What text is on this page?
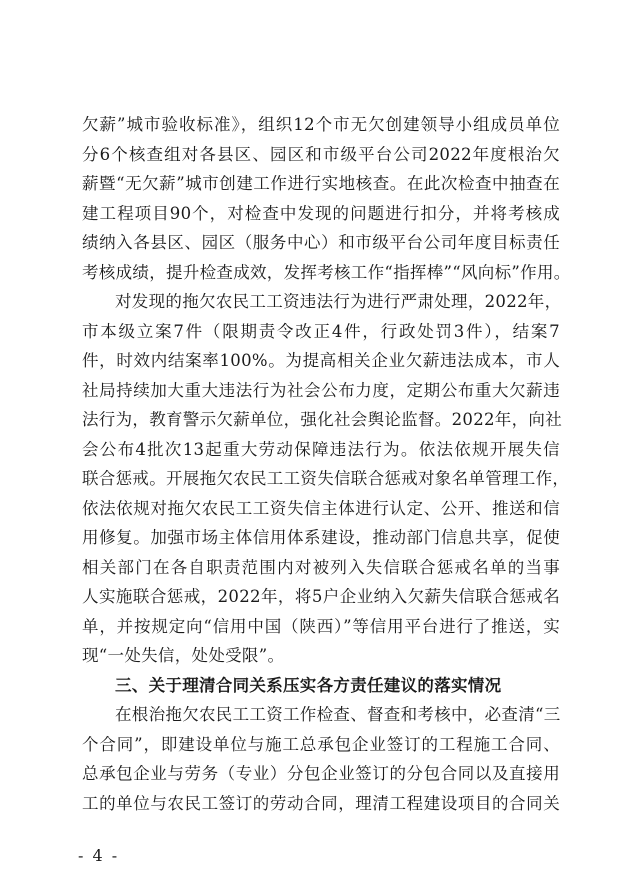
欠薪”城市验收标准》，组织12个市无欠创建领导小组成员单位
分6个核查组对各县区、园区和市级平台公司2022年度根治欠
薪暨“无欠薪”城市创建工作进行实地核查。在此次检查中抽查在
建工程项目90个，对检查中发现的问题进行扣分，并将考核成
绩纳入各县区、园区（服务中心）和市级平台公司年度目标责任
考核成绩，提升检查成效，发挥考核工作“指挥棒”“风向标”作用。
对发现的拖欠农民工工资违法行为进行严肃处理，2022年，
市本级立案7件（限期责令改正4件，行政处罚3件），结案7
件，时效内结案率100%。为提高相关企业欠薪违法成本，市人
社局持续加大重大违法行为社会公布力度，定期公布重大欠薪违
法行为，教育警示欠薪单位，强化社会舆论监督。2022年，向社
会公布4批次13起重大劳动保障违法行为。依法依规开展失信
联合惩戒。开展拖欠农民工工资失信联合惩戒对象名单管理工作，
依法依规对拖欠农民工工资失信主体进行认定、公开、推送和信
用修复。加强市场主体信用体系建设，推动部门信息共享，促使
相关部门在各自职责范围内对被列入失信联合惩戒名单的当事
人实施联合惩戒，2022年，将5户企业纳入欠薪失信联合惩戒名
单，并按规定向“信用中国（陕西）”等信用平台进行了推送，实
现“一处失信，处处受限”。
三、关于理清合同关系压实各方责任建议的落实情况
在根治拖欠农民工工资工作检查、督查和考核中，必查清“三
个合同”，即建设单位与施工总承包企业签订的工程施工合同、
总承包企业与劳务（专业）分包企业签订的分包合同以及直接用
工的单位与农民工签订的劳动合同，理清工程建设项目的合同关
- 4 -
